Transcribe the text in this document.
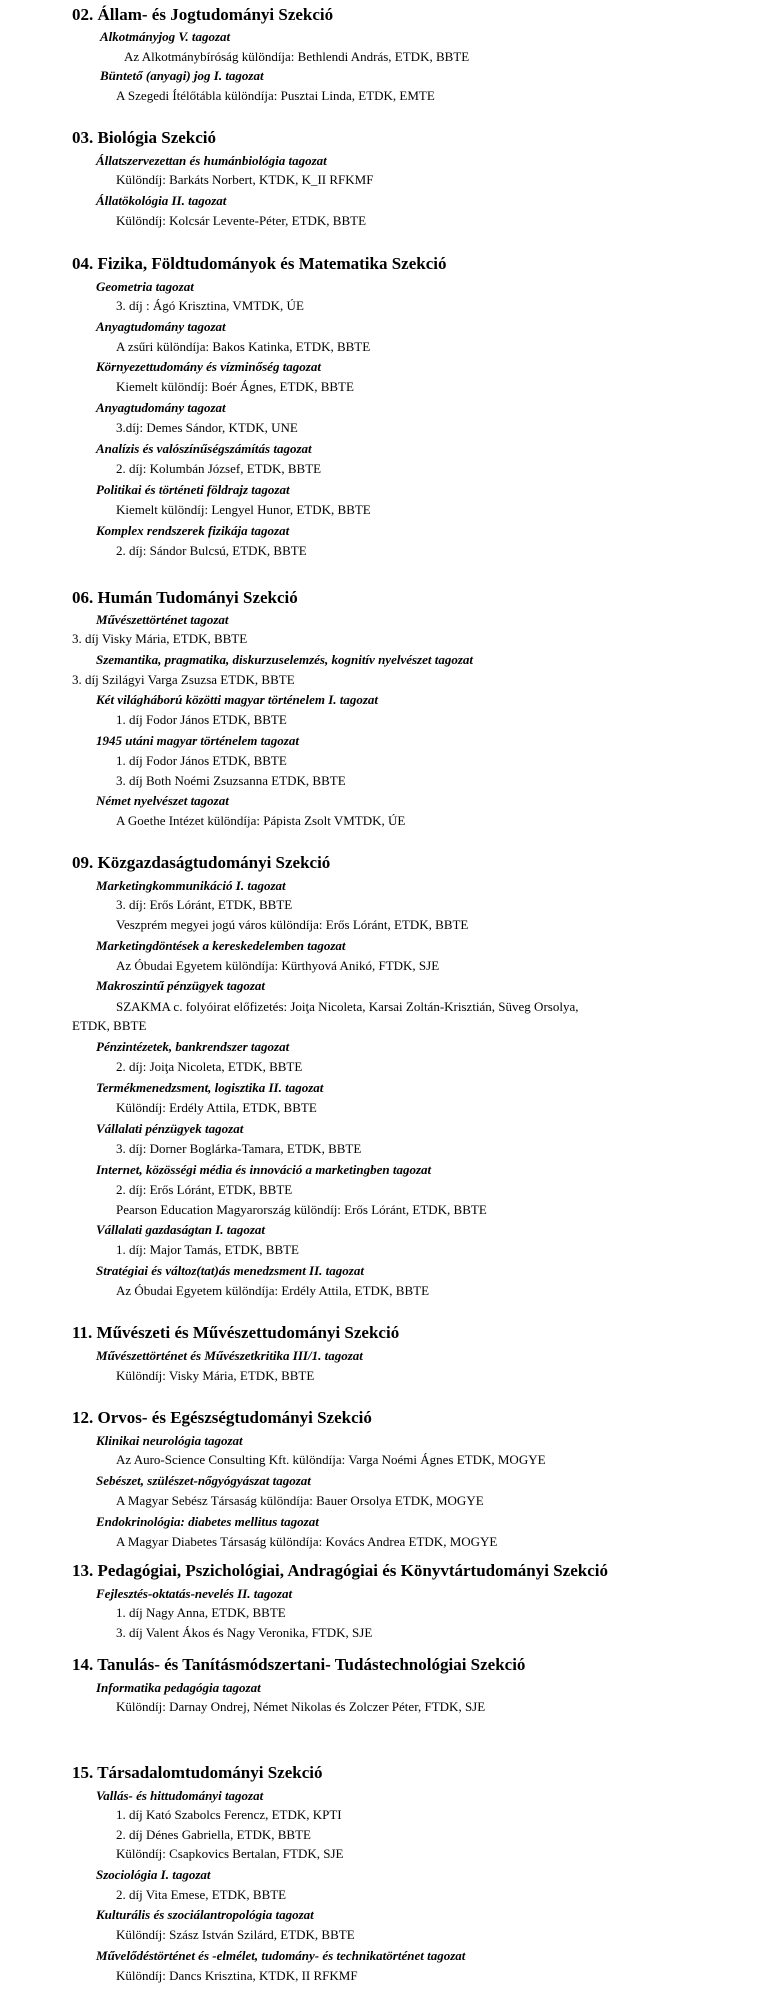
02. Állam- és Jogtudományi Szekció
Alkotmányjog V. tagozat
Az Alkotmánybíróság különdíja: Bethlendi András, ETDK, BBTE
Büntető (anyagi) jog I. tagozat
A Szegedi Ítélőtábla különdíja: Pusztai Linda, ETDK, EMTE
03. Biológia Szekció
Állatszervezettan és humánbiológia tagozat
Különdíj: Barkáts Norbert, KTDK, K_II RFKMF
Állatökológia II. tagozat
Különdíj: Kolcsár Levente-Péter, ETDK, BBTE
04. Fizika, Földtudományok és Matematika Szekció
Geometria tagozat
3. díj : Ágó Krisztina, VMTDK, ÚE
Anyagtudomány tagozat
A zsűri különdíja: Bakos Katinka, ETDK, BBTE
Környezettudomány és vízminőség tagozat
Kiemelt különdíj: Boér Ágnes, ETDK, BBTE
Anyagtudomány tagozat
3.díj: Demes Sándor, KTDK, UNE
Analízis és valószínűségszámítás tagozat
2. díj: Kolumbán József, ETDK, BBTE
Politikai és történeti földrajz tagozat
Kiemelt különdíj: Lengyel Hunor, ETDK, BBTE
Komplex rendszerek fizikája tagozat
2. díj: Sándor Bulcsú, ETDK, BBTE
06. Humán Tudományi Szekció
Művészettörténet tagozat
3. díj Visky Mária, ETDK, BBTE
Szemantika, pragmatika, diskurzuselemzés, kognitív nyelvészet tagozat
3. díj Szilágyi Varga Zsuzsa ETDK, BBTE
Két világháború közötti magyar történelem I. tagozat
1. díj Fodor János ETDK, BBTE
1945 utáni magyar történelem tagozat
1. díj Fodor János ETDK, BBTE
3. díj Both Noémi Zsuzsanna ETDK, BBTE
Német nyelvészet tagozat
A Goethe Intézet különdíja: Pápista Zsolt VMTDK, ÚE
09. Közgazdaságtudományi Szekció
Marketingkommunikáció I. tagozat
3. díj: Erős Lóránt, ETDK, BBTE
Veszprém megyei jogú város különdíja: Erős Lóránt, ETDK, BBTE
Marketingdöntések a kereskedelemben tagozat
Az Óbudai Egyetem különdíja: Kürthyová Anikó, FTDK, SJE
Makroszintű pénzügyek tagozat
SZAKMA c. folyóirat előfizetés: Joiţa Nicoleta, Karsai Zoltán-Krisztián, Süveg Orsolya, ETDK, BBTE
Pénzintézetek, bankrendszer tagozat
2. díj: Joiţa Nicoleta, ETDK, BBTE
Termékmenedzsment, logisztika II. tagozat
Különdíj: Erdély Attila, ETDK, BBTE
Vállalati pénzügyek tagozat
3. díj: Dorner Boglárka-Tamara, ETDK, BBTE
Internet, közösségi média és innováció a marketingben tagozat
2. díj: Erős Lóránt, ETDK, BBTE
Pearson Education Magyarország különdíj: Erős Lóránt, ETDK, BBTE
Vállalati gazdaságtan I. tagozat
1. díj: Major Tamás, ETDK, BBTE
Stratégiai és változ(tat)ás menedzsment II. tagozat
Az Óbudai Egyetem különdíja: Erdély Attila, ETDK, BBTE
11. Művészeti és Művészettudományi Szekció
Művészettörténet és Művészetkritika III/1. tagozat
Különdíj: Visky Mária, ETDK, BBTE
12. Orvos- és Egészségtudományi Szekció
Klinikai neurológia tagozat
Az Auro-Science Consulting Kft. különdíja: Varga Noémi Ágnes ETDK, MOGYE
Sebészet, szülészet-nőgyógyászat tagozat
A Magyar Sebész Társaság különdíja: Bauer Orsolya ETDK, MOGYE
Endokrinológia: diabetes mellitus tagozat
A Magyar Diabetes Társaság különdíja: Kovács Andrea ETDK, MOGYE
13. Pedagógiai, Pszichológiai, Andragógiai és Könyvtártudományi Szekció
Fejlesztés-oktatás-nevelés II. tagozat
1. díj Nagy Anna, ETDK, BBTE
3. díj Valent Ákos és Nagy Veronika, FTDK, SJE
14. Tanulás- és Tanításmódszertani- Tudástechnológiai Szekció
Informatika pedagógia tagozat
Különdíj: Darnay Ondrej, Német Nikolas és Zolczer Péter, FTDK, SJE
15. Társadalomtudományi Szekció
Vallás- és hittudományi tagozat
1. díj Kató Szabolcs Ferencz, ETDK, KPTI
2. díj Dénes Gabriella, ETDK, BBTE
Különdíj: Csapkovics Bertalan, FTDK, SJE
Szociológia I. tagozat
2. díj Vita Emese, ETDK, BBTE
Kulturális és szociálantropológia tagozat
Különdíj: Szász István Szilárd, ETDK, BBTE
Művelődéstörténet és -elmélet, tudomány- és technikatörténet tagozat
Különdíj: Dancs Krisztina, KTDK, II RFKMF
